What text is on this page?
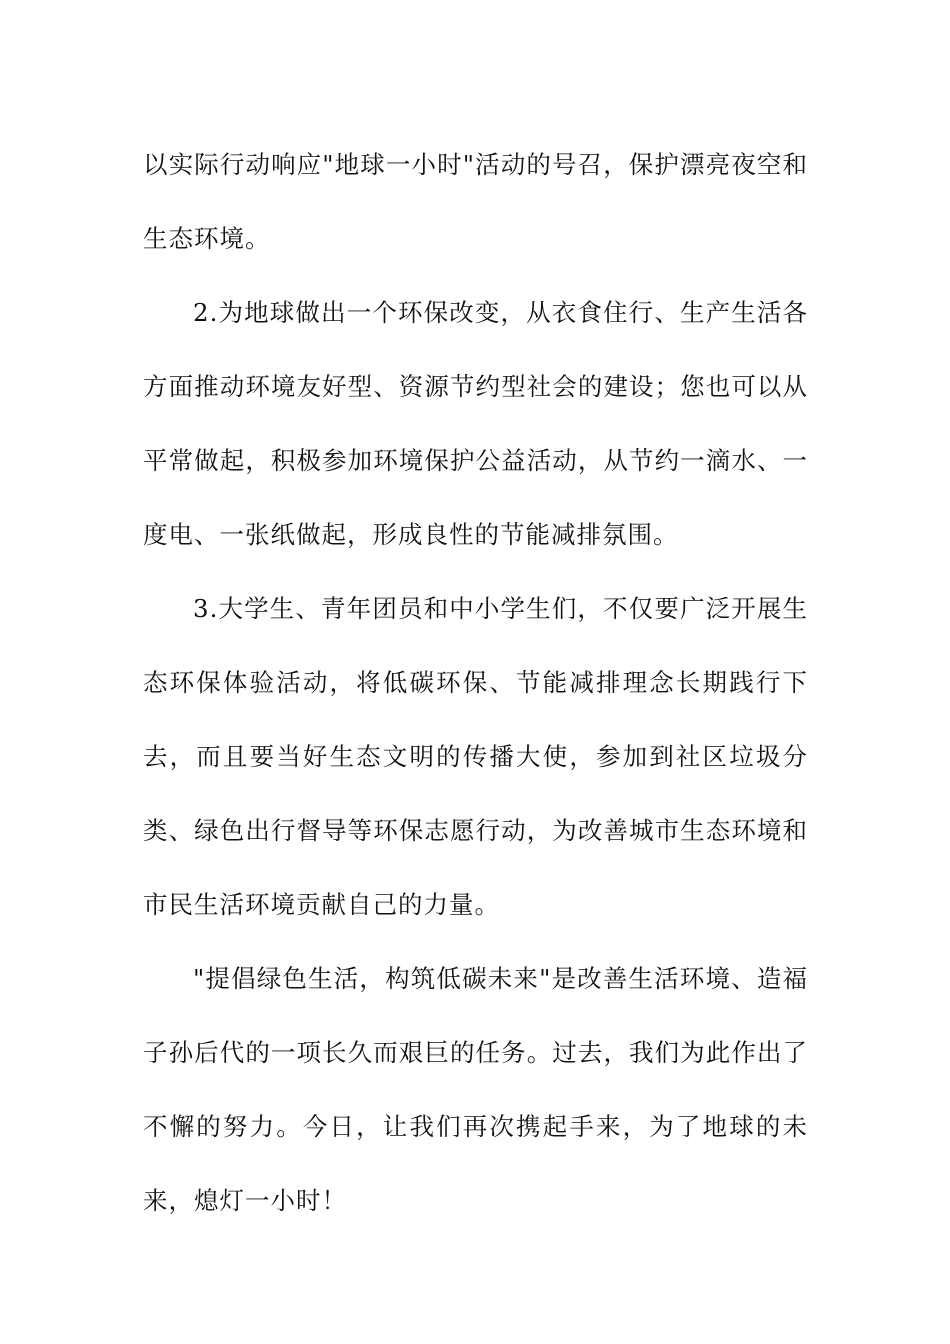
以实际行动响应"地球一小时"活动的号召，保护漂亮夜空和生态环境。

2.为地球做出一个环保改变，从衣食住行、生产生活各方面推动环境友好型、资源节约型社会的建设；您也可以从平常做起，积极参加环境保护公益活动，从节约一滴水、一度电、一张纸做起，形成良性的节能减排氛围。

3.大学生、青年团员和中小学生们，不仅要广泛开展生态环保体验活动，将低碳环保、节能减排理念长期践行下去，而且要当好生态文明的传播大使，参加到社区垃圾分类、绿色出行督导等环保志愿行动，为改善城市生态环境和市民生活环境贡献自己的力量。

"提倡绿色生活，构筑低碳未来"是改善生活环境、造福子孙后代的一项长久而艰巨的任务。过去，我们为此作出了不懈的努力。今日，让我们再次携起手来，为了地球的未来，熄灯一小时！
